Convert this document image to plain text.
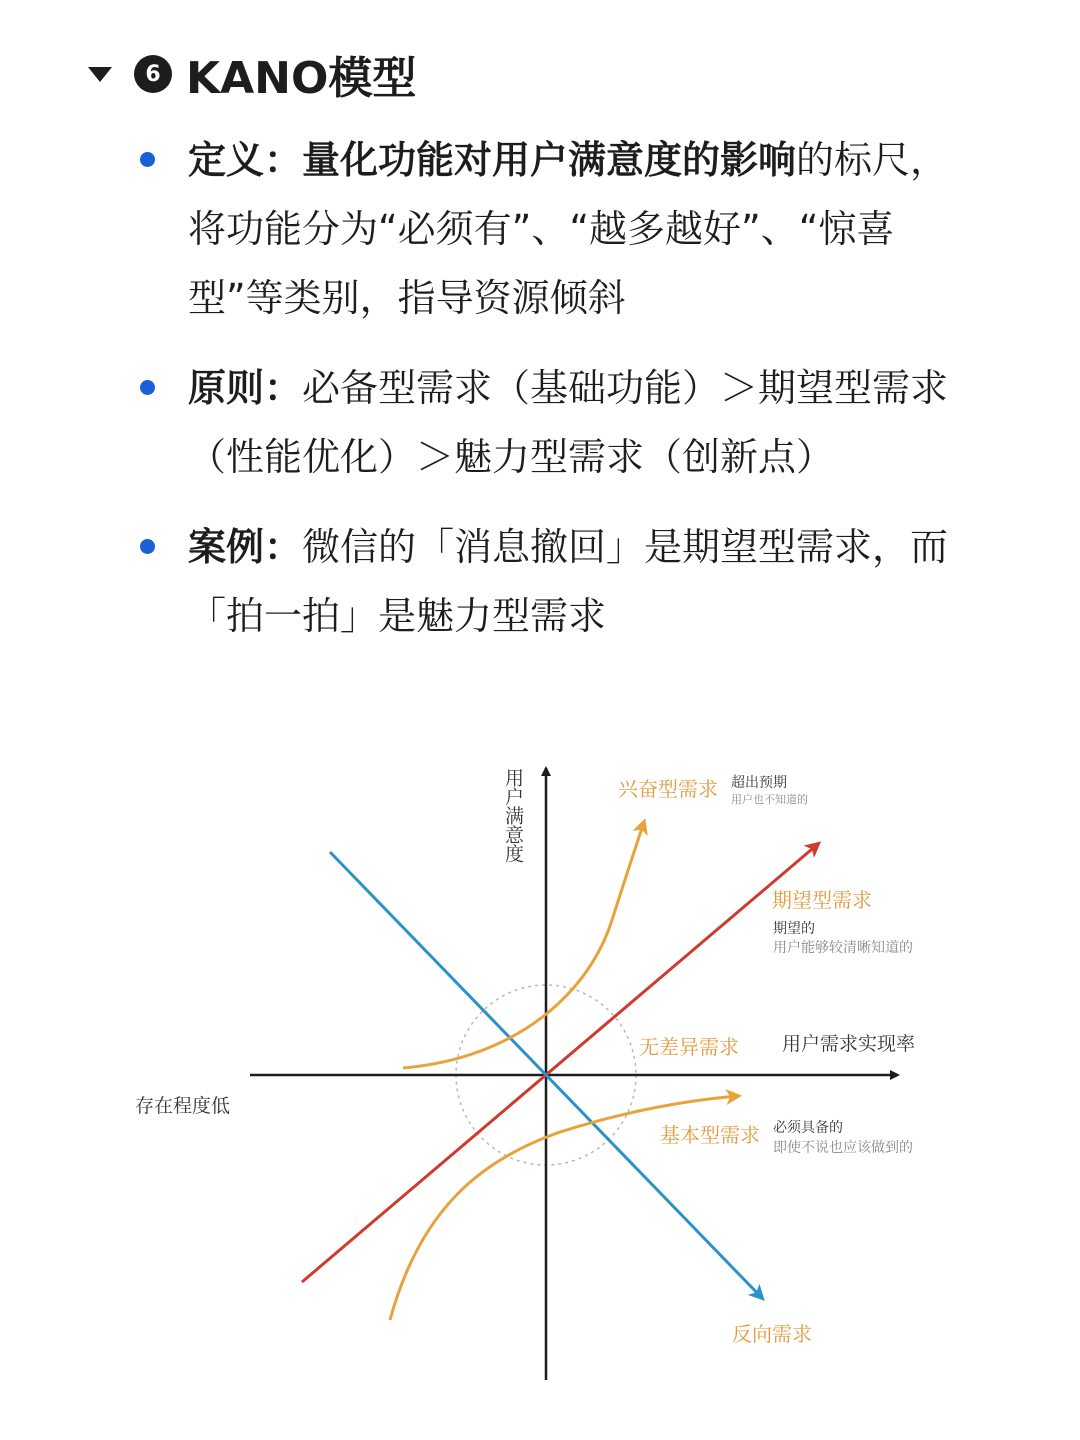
6 KANO模型
定义：量化功能对用户满意度的影响的标尺，将功能分为“必须有”、“越多越好”、“惊喜型”等类别，指导资源倾斜
原则：必备型需求（基础功能）＞期望型需求（性能优化）＞魅力型需求（创新点）
案例：微信的「消息撤回」是期望型需求，而「拍一拍」是魅力型需求
用户满意度
用户需求实现率
存在程度低
兴奋型需求 超出预期
用户也不知道的
期望型需求
期望的
用户能够较清晰知道的
无差异需求
基本型需求 必须具备的
即使不说也应该做到的
反向需求
